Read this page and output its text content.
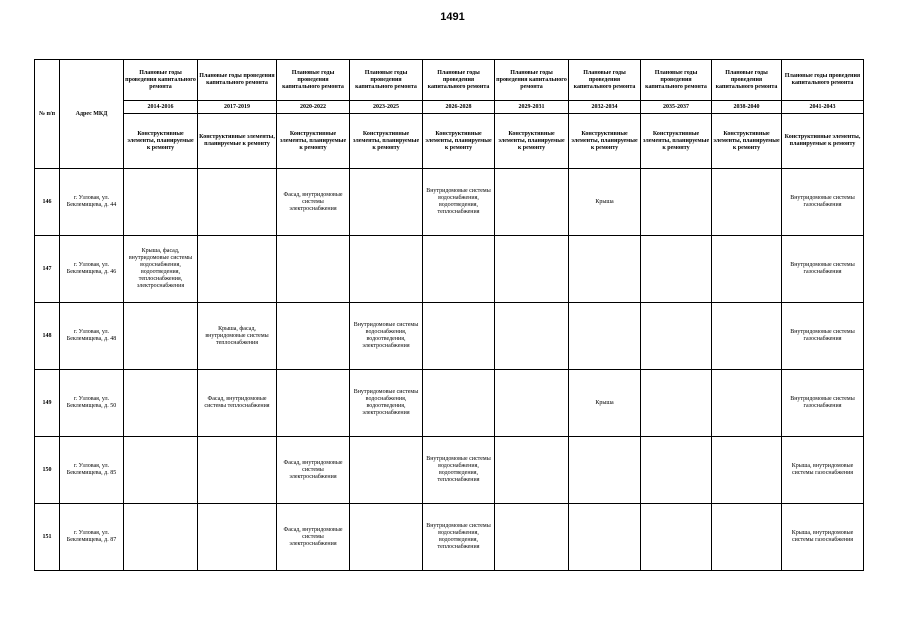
1491
№ п/п	Адрес МКД	Плановые годы проведения капитального ремонта	Плановые годы проведения капитального ремонта	Плановые годы проведения капитального ремонта	Плановые годы проведения капитального ремонта	Плановые годы проведения капитального ремонта	Плановые годы проведения капитального ремонта	Плановые годы проведения капитального ремонта	Плановые годы проведения капитального ремонта	Плановые годы проведения капитального ремонта	Плановые годы проведения капитального ремонта
		2014-2016	2017-2019	2020-2022	2023-2025	2026-2028	2029-2031	2032-2034	2035-2037	2038-2040	2041-2043
		Конструктивные элементы, планируемые к ремонту	Конструктивные элементы, планируемые к ремонту	Конструктивные элементы, планируемые к ремонту	Конструктивные элементы, планируемые к ремонту	Конструктивные элементы, планируемые к ремонту	Конструктивные элементы, планируемые к ремонту	Конструктивные элементы, планируемые к ремонту	Конструктивные элементы, планируемые к ремонту	Конструктивные элементы, планируемые к ремонту	Конструктивные элементы, планируемые к ремонту
146	г. Узловая, ул. Беклемищева, д. 44			Фасад, внутридомовые системы электроснабжения		Внутридомовые системы водоснабжения, водоотведения, теплоснабжения		Крыша			Внутридомовые системы газоснабжения
147	г. Узловая, ул. Беклемищева, д. 46	Крыша, фасад, внутридомовые системы водоснабжения, водоотведения, теплоснабжения, электроснабжения									Внутридомовые системы газоснабжения
148	г. Узловая, ул. Беклемищева, д. 48		Крыша, фасад, внутридомовые системы теплоснабжения		Внутридомовые системы водоснабжения, водоотведения, электроснабжения						Внутридомовые системы газоснабжения
149	г. Узловая, ул. Беклемищева, д. 50		Фасад, внутридомовые системы теплоснабжения		Внутридомовые системы водоснабжения, водоотведения, электроснабжения			Крыша			Внутридомовые системы газоснабжения
150	г. Узловая, ул. Беклемищева, д. 85			Фасад, внутридомовые системы электроснабжения		Внутридомовые системы водоснабжения, водоотведения, теплоснабжения					Крыша, внутридомовые системы газоснабжения
151	г. Узловая, ул. Беклемищева, д. 87			Фасад, внутридомовые системы электроснабжения		Внутридомовые системы водоснабжения, водоотведения, теплоснабжения					Крыша, внутридомовые системы газоснабжения
